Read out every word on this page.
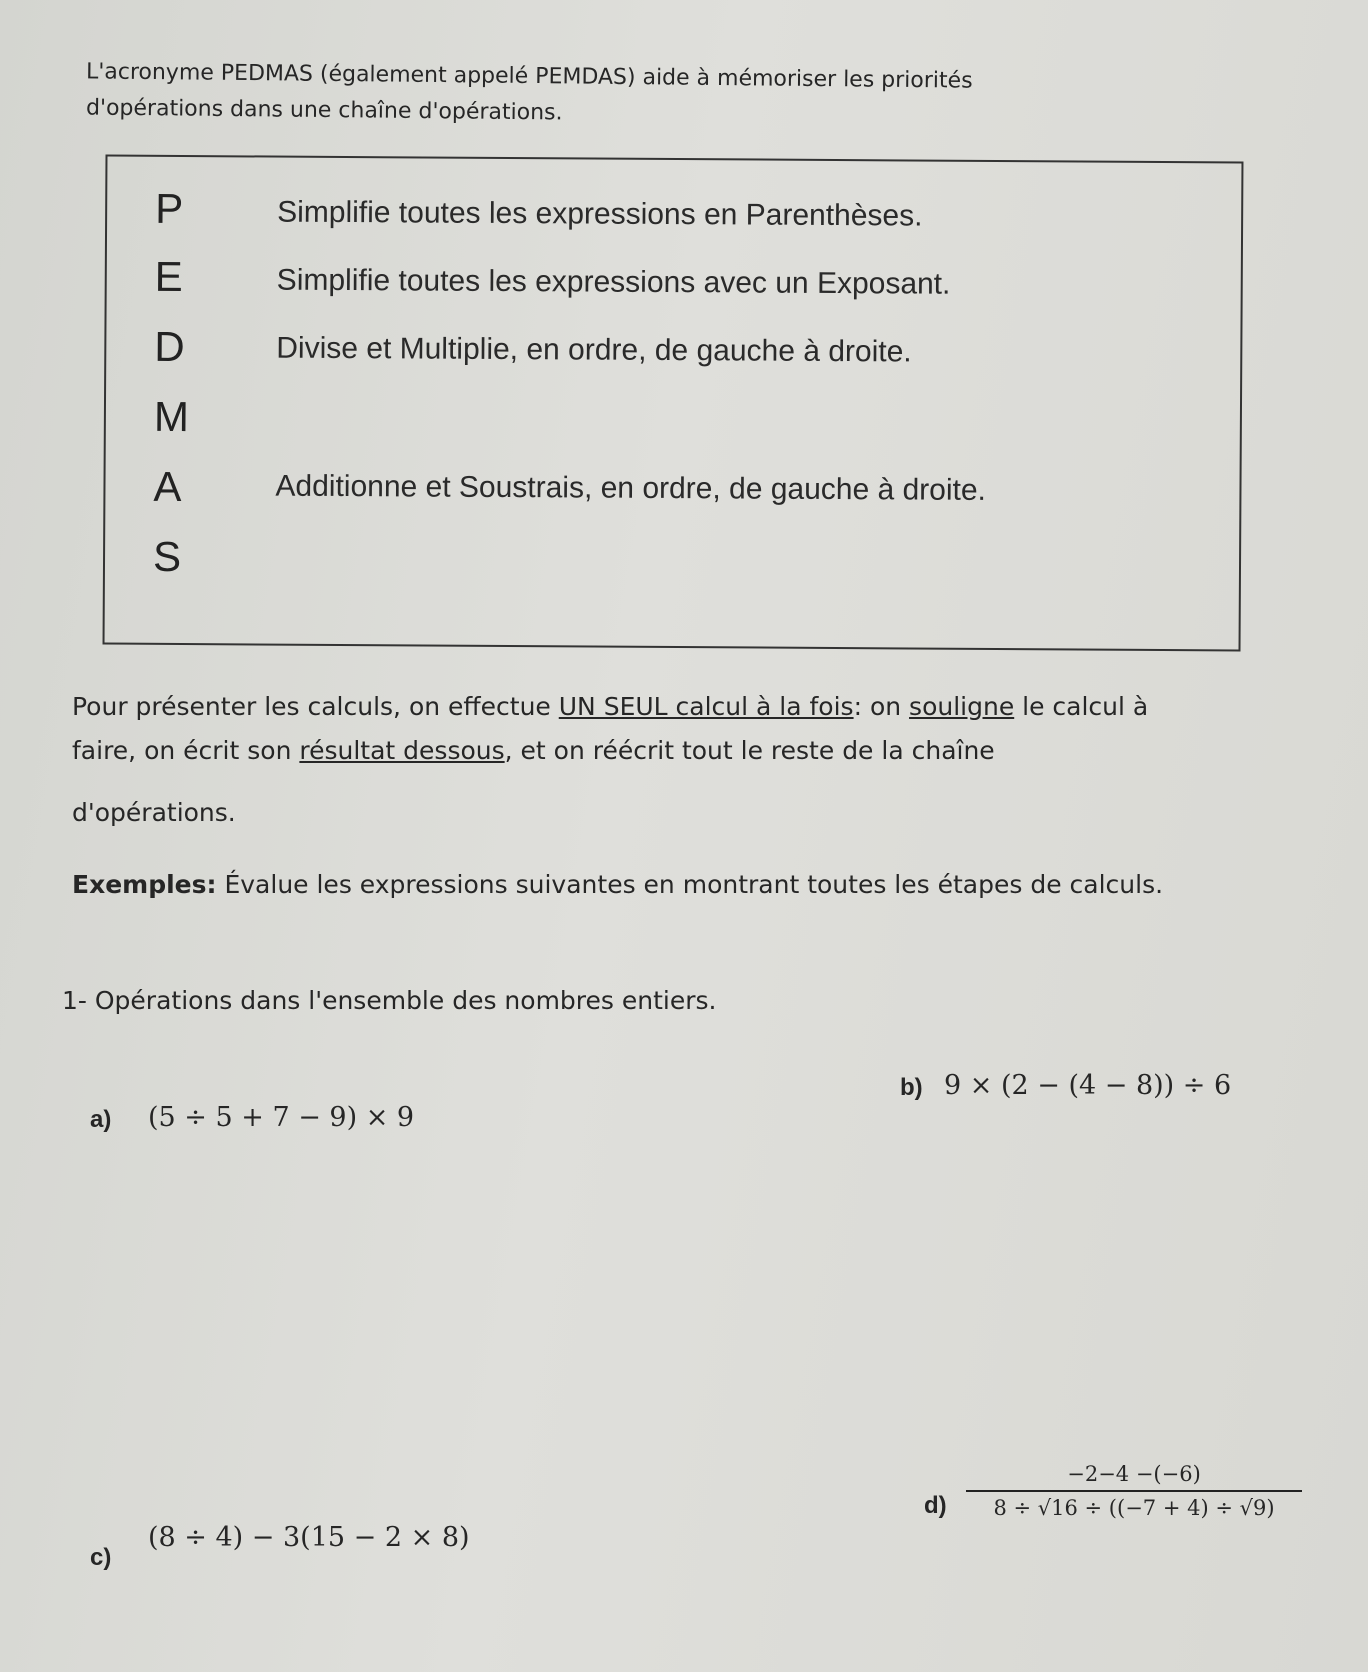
L'acronyme PEDMAS (également appelé PEMDAS) aide à mémoriser les priorités
d'opérations dans une chaîne d'opérations.
P	Simplifie toutes les expressions en Parenthèses.
E	Simplifie toutes les expressions avec un Exposant.
D	Divise et Multiplie, en ordre, de gauche à droite.
M
A	Additionne et Soustrais, en ordre, de gauche à droite.
S
Pour présenter les calculs, on effectue UN SEUL calcul à la fois: on souligne le calcul à
faire, on écrit son résultat dessous, et on réécrit tout le reste de la chaîne
d'opérations.
Exemples: Évalue les expressions suivantes en montrant toutes les étapes de calculs.
1- Opérations dans l'ensemble des nombres entiers.
a) (5 ÷ 5 + 7 − 9) × 9
b) 9 × (2 − (4 − 8)) ÷ 6
c)
(8 ÷ 4) − 3(15 − 2 × 8)
$d) \frac{-2-4 -(-6)}{8 \div √16 \div ((-7 + 4) \div √9)}$
